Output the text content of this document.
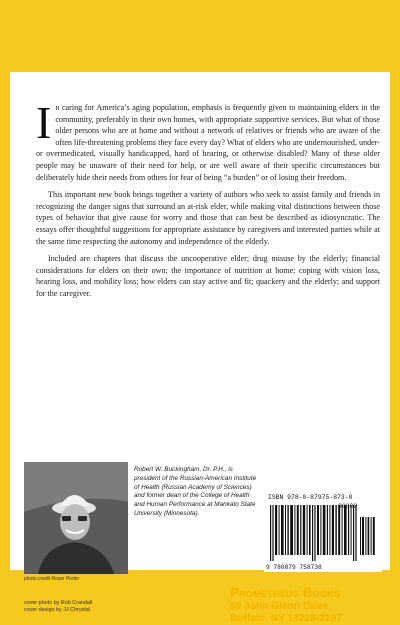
In caring for America’s aging population, emphasis is frequently given to maintaining elders in the community, preferably in their own homes, with appropriate supportive services. But what of those older persons who are at home and without a network of relatives or friends who are aware of the often life-threatening problems they face every day? What of elders who are undernourished, under-or overmedicated, visually handicapped, hard of hearing, or otherwise disabled? Many of these older people may be unaware of their need for help, or are well aware of their specific circumstances but deliberately hide their needs from others for fear of being “a burden” or of losing their freedom.

This important new book brings together a variety of authors who seek to assist family and friends in recognizing the danger signs that surround an at-risk elder, while making vital distinctions between those types of behavior that give cause for worry and those that can best be described as idiosyncratic. The essays offer thoughtful suggestions for appropriate assistance by caregivers and interested parties while at the same time respecting the autonomy and independence of the elderly.

Included are chapters that discuss the uncooperative elder; drug misuse by the elderly; financial considerations for elders on their own; the importance of nutrition at home; coping with vision loss, hearing loss, and mobility loss; how elders can stay active and fit; quackery and the elderly; and support for the caregiver.

photo credit Rosie Porter
Robert W. Buckingham, Dr. P.H., is president of the Russian-American Institute of Health (Russian Academy of Sciences) and former dean of the College of Health and Human Performance at Mankato State University (Minnesota).
ISBN 978-0-87975-873-8
90000
9 780879 758738
Prometheus Books
59 John Glenn Drive,
Buffalo, NY 14228-2197
cover photo by Rob Crandall
cover design by JJ Chrystal
